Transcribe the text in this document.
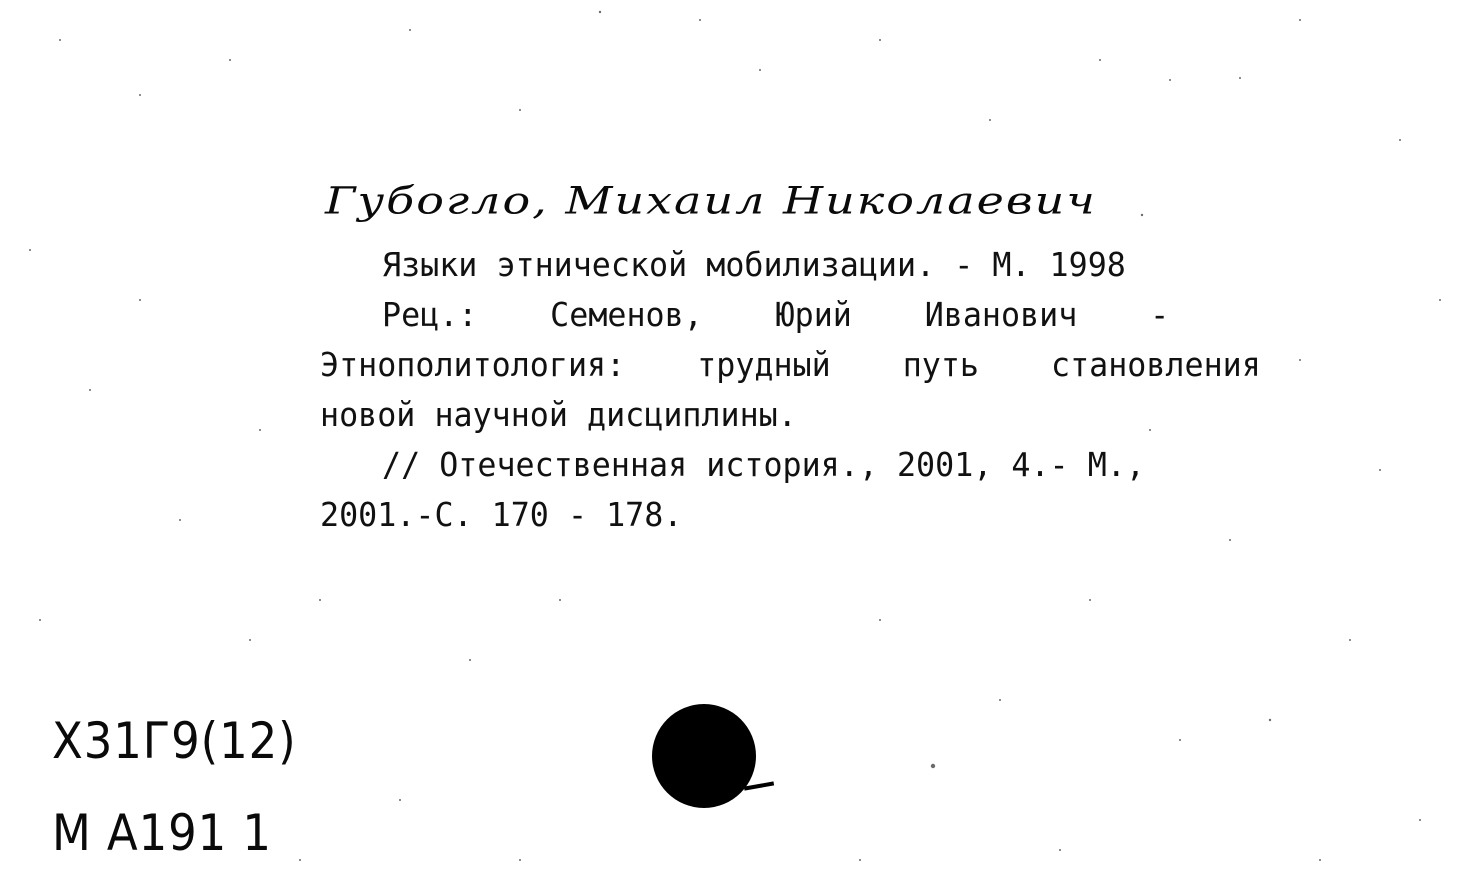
Губогло, Михаил Николаевич
Языки этнической мобилизации. - М. 1998
Рец.: Семенов, Юрий Иванович -
Этнополитология: трудный путь становления
новой научной дисциплины.
// Отечественная история., 2001, 4.- М.,
2001.-С. 170 - 178.
Х31Г9(12)
М А191 1
